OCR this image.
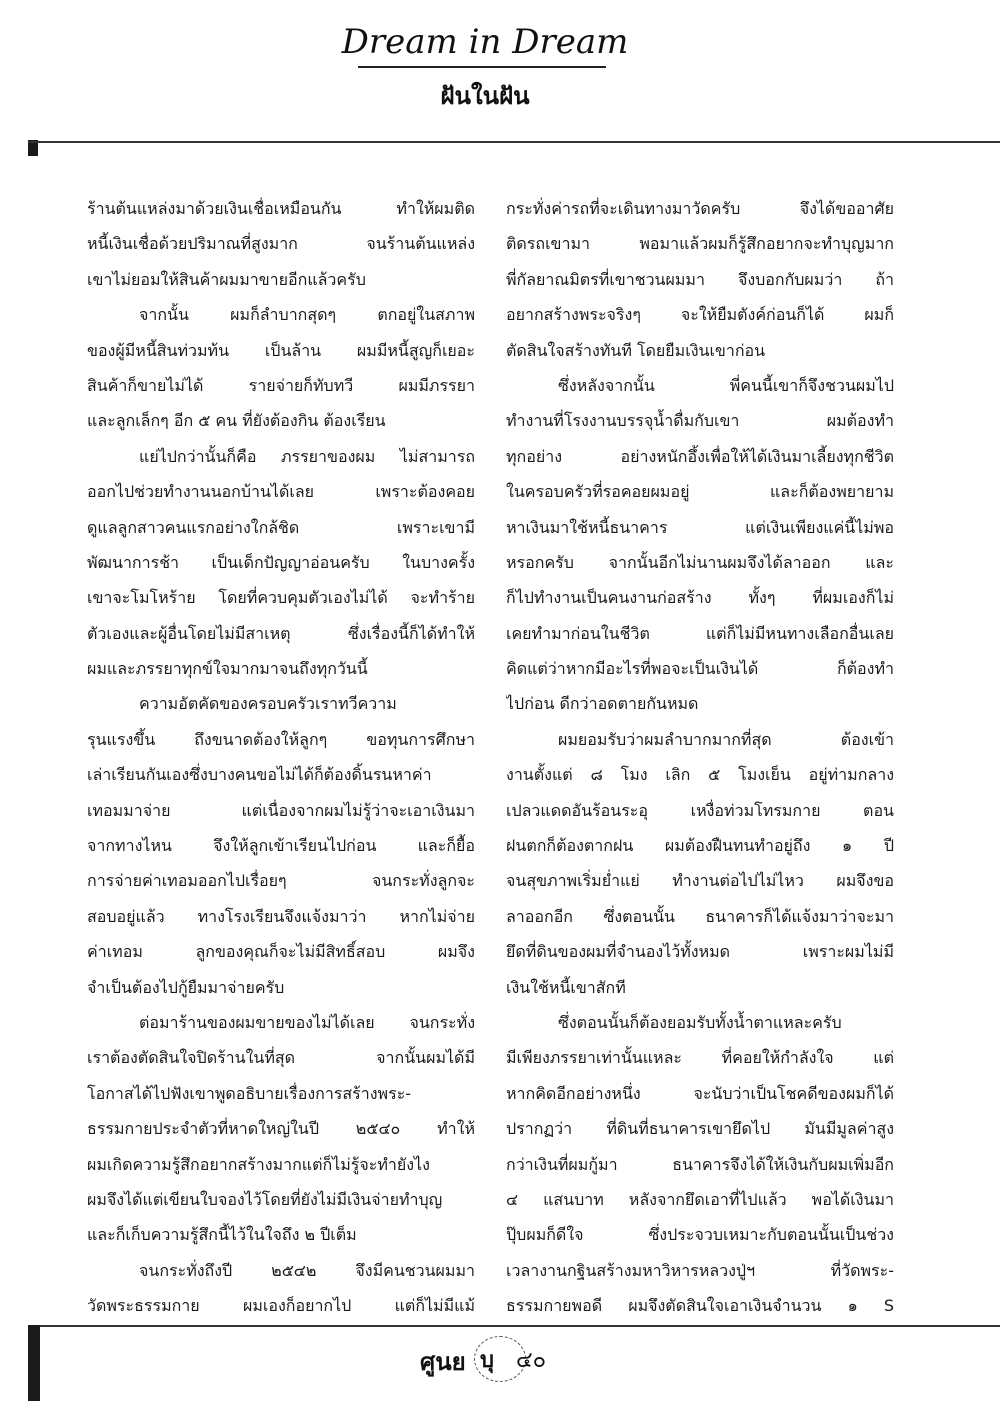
Dream in Dream
ฝันในฝัน
ร้านต้นแหล่งมาด้วยเงินเชื่อเหมือนกัน ทำให้ผมติด
หนี้เงินเชื่อด้วยปริมาณที่สูงมาก จนร้านต้นแหล่ง
เขาไม่ยอมให้สินค้าผมมาขายอีกแล้วครับ
จากนั้น ผมก็ลำบากสุดๆ ตกอยู่ในสภาพ
ของผู้มีหนี้สินท่วมท้น เป็นล้าน ผมมีหนี้สูญก็เยอะ
สินค้าก็ขายไม่ได้ รายจ่ายก็ทับทวี ผมมีภรรยา
และลูกเล็กๆ อีก ๕ คน ที่ยังต้องกิน ต้องเรียน
แย่ไปกว่านั้นก็คือ ภรรยาของผม ไม่สามารถ
ออกไปช่วยทำงานนอกบ้านได้เลย เพราะต้องคอย
ดูแลลูกสาวคนแรกอย่างใกล้ชิด เพราะเขามี
พัฒนาการช้า เป็นเด็กปัญญาอ่อนครับ ในบางครั้ง
เขาจะโมโหร้าย โดยที่ควบคุมตัวเองไม่ได้ จะทำร้าย
ตัวเองและผู้อื่นโดยไม่มีสาเหตุ ซึ่งเรื่องนี้ก็ได้ทำให้
ผมและภรรยาทุกข์ใจมากมาจนถึงทุกวันนี้
ความอัตคัดของครอบครัวเราทวีความ
รุนแรงขึ้น ถึงขนาดต้องให้ลูกๆ ขอทุนการศึกษา
เล่าเรียนกันเองซึ่งบางคนขอไม่ได้ก็ต้องดิ้นรนหาค่า
เทอมมาจ่าย แต่เนื่องจากผมไม่รู้ว่าจะเอาเงินมา
จากทางไหน จึงให้ลูกเข้าเรียนไปก่อน และก็ยื้อ
การจ่ายค่าเทอมออกไปเรื่อยๆ จนกระทั่งลูกจะ
สอบอยู่แล้ว ทางโรงเรียนจึงแจ้งมาว่า หากไม่จ่าย
ค่าเทอม ลูกของคุณก็จะไม่มีสิทธิ์สอบ ผมจึง
จำเป็นต้องไปกู้ยืมมาจ่ายครับ
ต่อมาร้านของผมขายของไม่ได้เลย จนกระทั่ง
เราต้องตัดสินใจปิดร้านในที่สุด จากนั้นผมได้มี
โอกาสได้ไปฟังเขาพูดอธิบายเรื่องการสร้างพระ-
ธรรมกายประจำตัวที่หาดใหญ่ในปี ๒๕๔๐ ทำให้
ผมเกิดความรู้สึกอยากสร้างมากแต่ก็ไม่รู้จะทำยังไง
ผมจึงได้แต่เขียนใบจองไว้โดยที่ยังไม่มีเงินจ่ายทำบุญ
และก็เก็บความรู้สึกนี้ไว้ในใจถึง ๒ ปีเต็ม
จนกระทั่งถึงปี ๒๕๔๒ จึงมีคนชวนผมมา
วัดพระธรรมกาย ผมเองก็อยากไป แต่ก็ไม่มีแม้
กระทั่งค่ารถที่จะเดินทางมาวัดครับ จึงได้ขออาศัย
ติดรถเขามา พอมาแล้วผมก็รู้สึกอยากจะทำบุญมาก
พี่กัลยาณมิตรที่เขาชวนผมมา จึงบอกกับผมว่า ถ้า
อยากสร้างพระจริงๆ จะให้ยืมตังค์ก่อนก็ได้ ผมก็
ตัดสินใจสร้างทันที โดยยืมเงินเขาก่อน
ซึ่งหลังจากนั้น พี่คนนี้เขาก็จึงชวนผมไป
ทำงานที่โรงงานบรรจุน้ำดื่มกับเขา ผมต้องทำ
ทุกอย่าง อย่างหนักอึ้งเพื่อให้ได้เงินมาเลี้ยงทุกชีวิต
ในครอบครัวที่รอคอยผมอยู่ และก็ต้องพยายาม
หาเงินมาใช้หนี้ธนาคาร แต่เงินเพียงแค่นี้ไม่พอ
หรอกครับ จากนั้นอีกไม่นานผมจึงได้ลาออก และ
ก็ไปทำงานเป็นคนงานก่อสร้าง ทั้งๆ ที่ผมเองก็ไม่
เคยทำมาก่อนในชีวิต แต่ก็ไม่มีหนทางเลือกอื่นเลย
คิดแต่ว่าหากมีอะไรที่พอจะเป็นเงินได้ ก็ต้องทำ
ไปก่อน ดีกว่าอดตายกันหมด
ผมยอมรับว่าผมลำบากมากที่สุด ต้องเข้า
งานตั้งแต่ ๘ โมง เลิก ๕ โมงเย็น อยู่ท่ามกลาง
เปลวแดดอันร้อนระอุ เหงื่อท่วมโทรมกาย ตอน
ฝนตกก็ต้องตากฝน ผมต้องฝืนทนทำอยู่ถึง ๑ ปี
จนสุขภาพเริ่มย่ำแย่ ทำงานต่อไปไม่ไหว ผมจึงขอ
ลาออกอีก ซึ่งตอนนั้น ธนาคารก็ได้แจ้งมาว่าจะมา
ยึดที่ดินของผมที่จำนองไว้ทั้งหมด เพราะผมไม่มี
เงินใช้หนี้เขาสักที
ซึ่งตอนนั้นก็ต้องยอมรับทั้งน้ำตาแหละครับ
มีเพียงภรรยาเท่านั้นแหละ ที่คอยให้กำลังใจ แต่
หากคิดอีกอย่างหนึ่ง จะนับว่าเป็นโชคดีของผมก็ได้
ปรากฏว่า ที่ดินที่ธนาคารเขายึดไป มันมีมูลค่าสูง
กว่าเงินที่ผมกู้มา ธนาคารจึงได้ให้เงินกับผมเพิ่มอีก
๔ แสนบาท หลังจากยึดเอาที่ไปแล้ว พอได้เงินมา
ปุ๊บผมก็ดีใจ ซึ่งประจวบเหมาะกับตอนนั้นเป็นช่วง
เวลางานกฐินสร้างมหาวิหารหลวงปู่ฯ ที่วัดพระ-
ธรรมกายพอดี ผมจึงตัดสินใจเอาเงินจำนวน ๑ S
ศูนย บุ ๔๐
